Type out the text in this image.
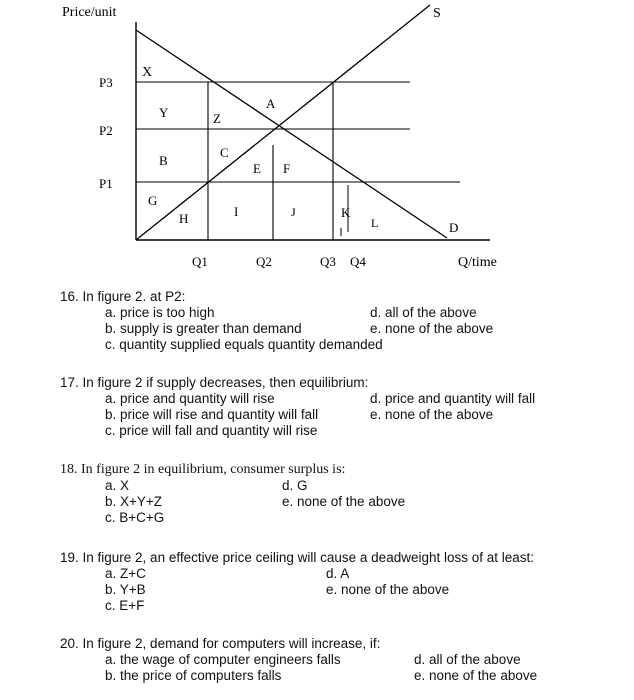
Price/unit	S
D
Q/time
P3
P2
P1
Q1	Q2	Q3 Q4
X
A
Y	Z
C
B
E F
G
I	J	K
H	L
16. In figure 2. at P2:
a. price is too high	d. all of the above
b. supply is greater than demand	e. none of the above
c. quantity supplied equals quantity demanded
17. In figure 2 if supply decreases, then equilibrium:
a. price and quantity will rise	d. price and quantity will fall
b. price will rise and quantity will fall	e. none of the above
c. price will fall and quantity will rise
18. In figure 2 in equilibrium, consumer surplus is:
a. X	d. G
b. X+Y+Z	e. none of the above
c. B+C+G
19. In figure 2, an effective price ceiling will cause a deadweight loss of at least:
a. Z+C	d. A
b. Y+B	e. none of the above
c. E+F
20. In figure 2, demand for computers will increase, if:
a. the wage of computer engineers falls	d. all of the above
b. the price of computers falls	e. none of the above
